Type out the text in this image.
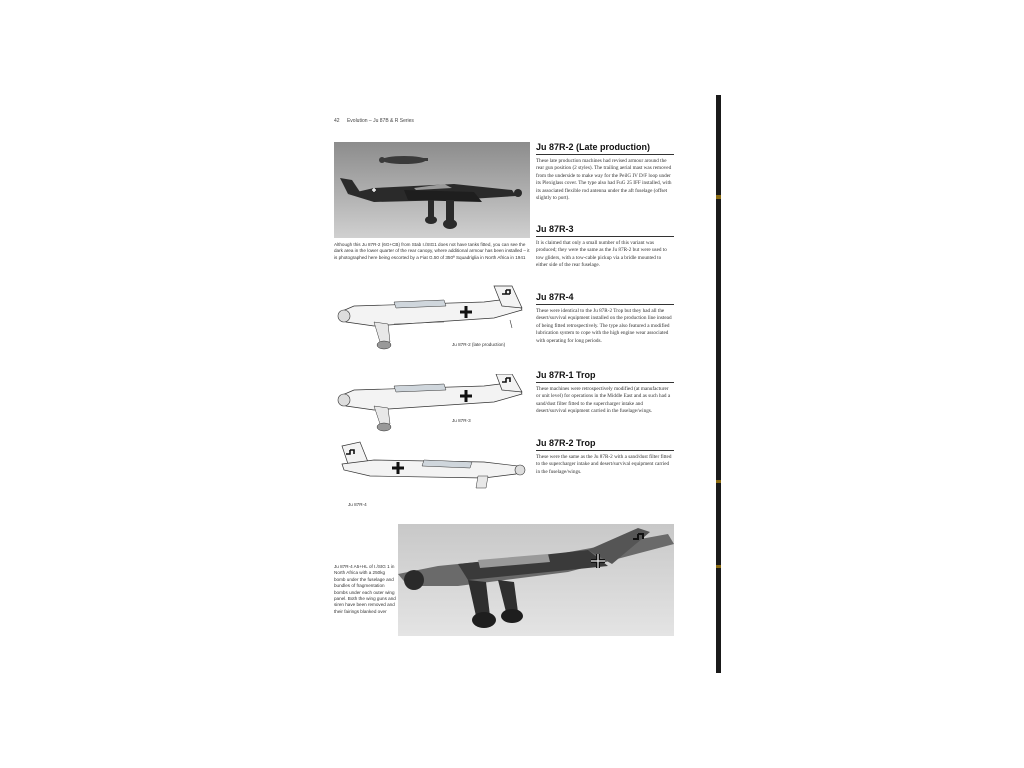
42 Evolution – Ju 87B & R Series
Although this Ju 87R-2 (6G+CB) from Stab I./StG1 does not have tanks fitted, you can see the dark area in the lower quarter of the rear canopy, where additional armour has been installed – it is photographed here being escorted by a Fiat G.50 of 350ª Squadriglia in North Africa in 1941
Ju 87R-2 (late production)
Ju 87R-3
Ju 87R-4
Ju 87R-4 A5+HL of I./StG 1 in North Africa with a 250kg bomb under the fuselage and bundles of fragmentation bombs under each outer wing panel. Both the wing guns and siren have been removed and their fairings blanked over
Ju 87R-2 (Late production)

These late production machines had revised armour around the rear gun position (2 styles). The trailing aerial mast was removed from the underside to make way for the PeilG IV D/F loop under its Plexiglass cover. The type also had FuG 25 IFF installed, with its associated flexible rod antenna under the aft fuselage (offset slightly to port).

Ju 87R-3

It is claimed that only a small number of this variant was produced; they were the same as the Ju 87R-2 but were used to tow gliders, with a tow-cable pickup via a bridle mounted to either side of the rear fuselage.

Ju 87R-4

These were identical to the Ju 87R-2 Trop but they had all the desert/survival equipment installed on the production line instead of being fitted retrospectively. The type also featured a modified lubrication system to cope with the high engine wear associated with operating for long periods.

Ju 87R-1 Trop

These machines were retrospectively modified (at manufacturer or unit level) for operations in the Middle East and as such had a sand/dust filter fitted to the supercharger intake and desert/survival equipment carried in the fuselage/wings.

Ju 87R-2 Trop

These were the same as the Ju 87R-2 with a sand/dust filter fitted to the supercharger intake and desert/survival equipment carried in the fuselage/wings.
